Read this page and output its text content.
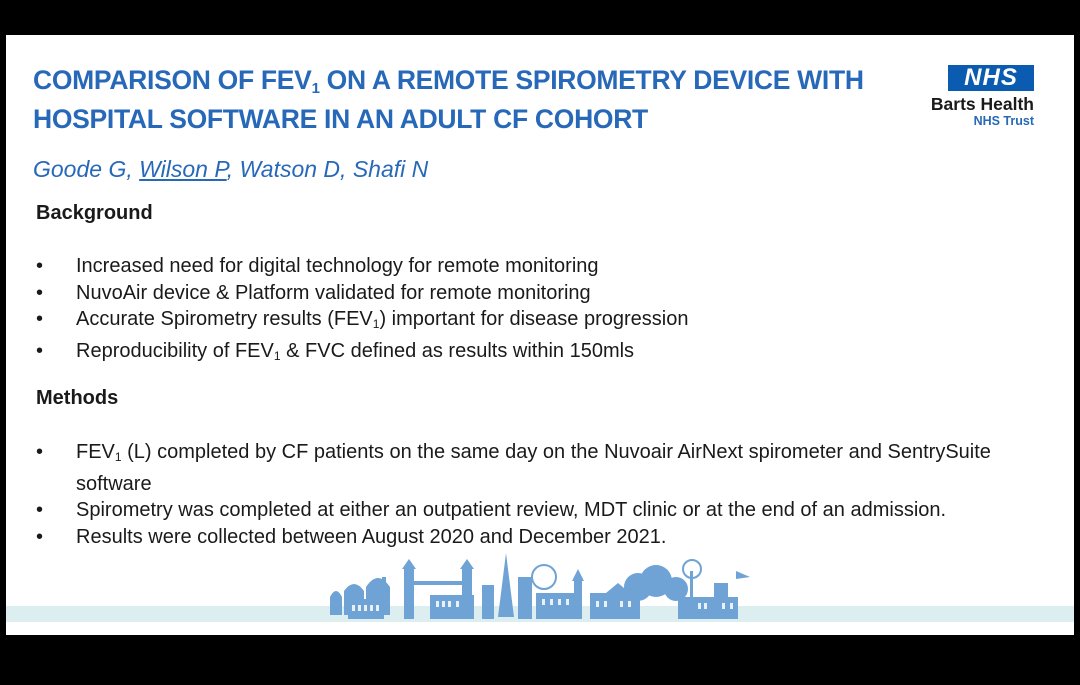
COMPARISON OF $FEV_1$ ON A REMOTE SPIROMETRY DEVICE WITH HOSPITAL SOFTWARE IN AN ADULT CF COHORT
NHS
Barts Health
NHS Trust
Goode G, Wilson P, Watson D, Shafi N
Background
•	Increased need for digital technology for remote monitoring
•	NuvoAir device & Platform validated for remote monitoring
•	Accurate Spirometry results $(FEV_1)$ important for disease progression
•	Reproducibility of $FEV_1$ & FVC defined as results within 150mls
Methods
•	$FEV_1$ (L) completed by CF patients on the same day on the Nuvoair AirNext spirometer and SentrySuite software
•	Spirometry was completed at either an outpatient review, MDT clinic or at the end of an admission.
•	Results were collected between August 2020 and December 2021.
